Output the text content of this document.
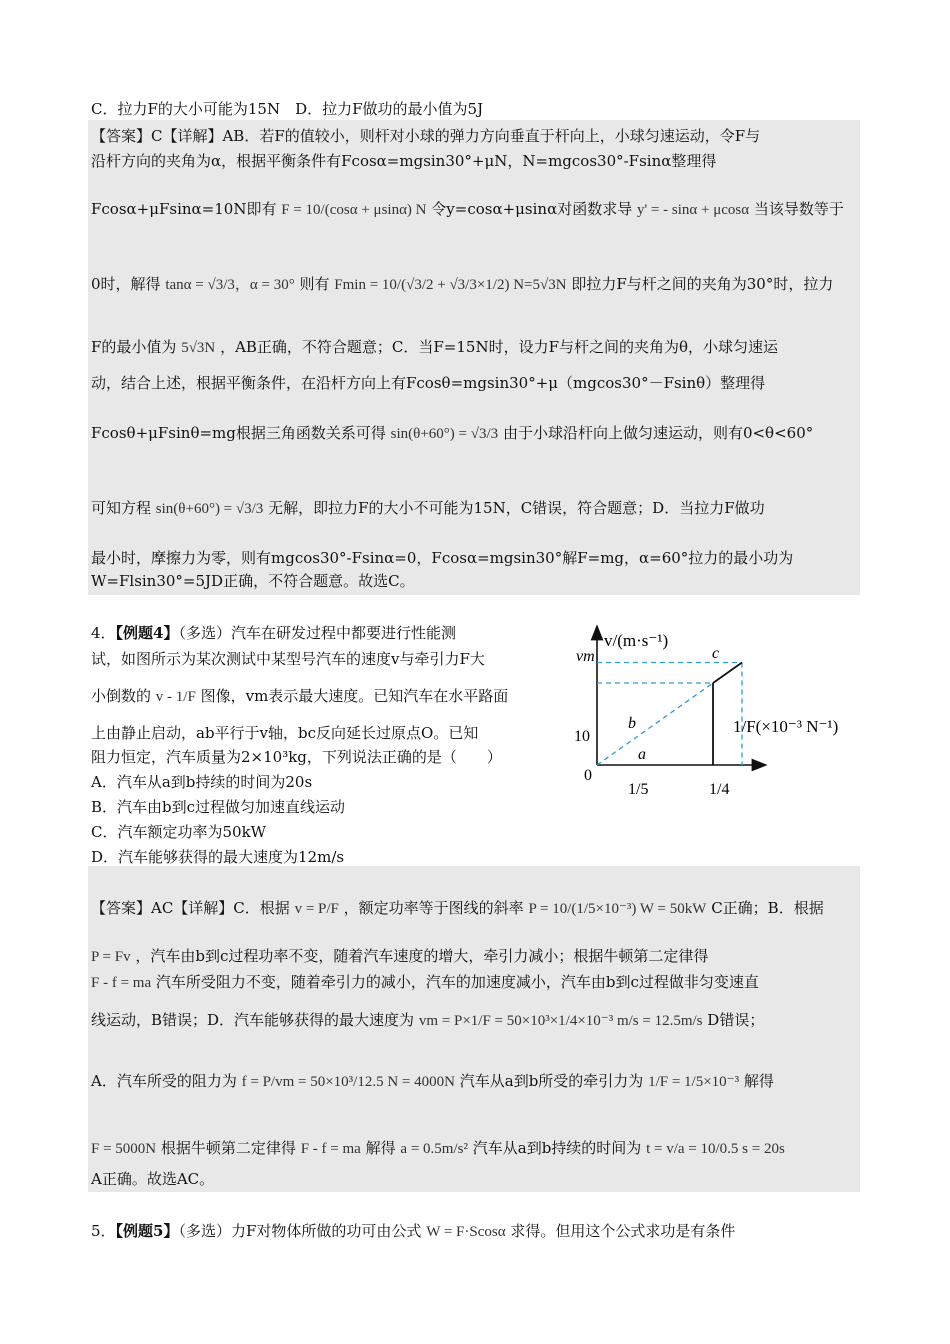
C．拉力F的大小可能为15N　D．拉力F做功的最小值为5J
【答案】C【详解】AB．若F的值较小，则杆对小球的弹力方向垂直于杆向上，小球匀速运动，令F与
沿杆方向的夹角为α，根据平衡条件有Fcosα=mgsin30°+μN，N=mgcos30°-Fsinα整理得
Fcosα+μFsinα=10N即有 F = 10/(cosα + μsinα) N 令y=cosα+μsinα对函数求导 y' = - sinα + μcosα 当该导数等于
0时，解得 tanα = √3/3，α = 30° 则有 Fmin = 10/(√3/2 + √3/3×1/2) N=5√3N 即拉力F与杆之间的夹角为30°时，拉力
F的最小值为 5√3N ，AB正确，不符合题意；C．当F=15N时，设力F与杆之间的夹角为θ，小球匀速运
动，结合上述，根据平衡条件，在沿杆方向上有Fcosθ=mgsin30°+μ（mgcos30°－Fsinθ）整理得
Fcosθ+μFsinθ=mg根据三角函数关系可得 sin(θ+60°) = √3/3 由于小球沿杆向上做匀速运动，则有0<θ<60°
可知方程 sin(θ+60°) = √3/3 无解，即拉力F的大小不可能为15N，C错误，符合题意；D．当拉力F做功
最小时，摩擦力为零，则有mgcos30°-Fsinα=0，Fcosα=mgsin30°解F=mg，α=60°拉力的最小功为
W=Flsin30°=5JD正确，不符合题意。故选C。
4．【例题4】（多选）汽车在研发过程中都要进行性能测
试，如图所示为某次测试中某型号汽车的速度v与牵引力F大
小倒数的 v - 1/F 图像，vm表示最大速度。已知汽车在水平路面
上由静止启动，ab平行于v轴，bc反向延长过原点O。已知
阻力恒定，汽车质量为2×10³kg，下列说法正确的是（　　）
A．汽车从a到b持续的时间为20s
B．汽车由b到c过程做匀加速直线运动
C．汽车额定功率为50kW
D．汽车能够获得的最大速度为12m/s
v/(m·s⁻¹)
1/F(×10⁻³ N⁻¹)
vm
10
0
1/5	1/4
a
b
c
【答案】AC【详解】C．根据 v = P/F ，额定功率等于图线的斜率 P = 10/(1/5×10⁻³) W = 50kW C正确；B．根据
P = Fv ，汽车由b到c过程功率不变，随着汽车速度的增大，牵引力减小；根据牛顿第二定律得
F - f = ma 汽车所受阻力不变，随着牵引力的减小，汽车的加速度减小，汽车由b到c过程做非匀变速直
线运动，B错误；D．汽车能够获得的最大速度为 vm = P×1/F = 50×10³×1/4×10⁻³ m/s = 12.5m/s D错误；
A．汽车所受的阻力为 f = P/vm = 50×10³/12.5 N = 4000N 汽车从a到b所受的牵引力为 1/F = 1/5×10⁻³ 解得
F = 5000N 根据牛顿第二定律得 F - f = ma 解得 a = 0.5m/s² 汽车从a到b持续的时间为 t = v/a = 10/0.5 s = 20s
A正确。故选AC。
5．【例题5】（多选）力F对物体所做的功可由公式 W = F·Scosα 求得。但用这个公式求功是有条件
